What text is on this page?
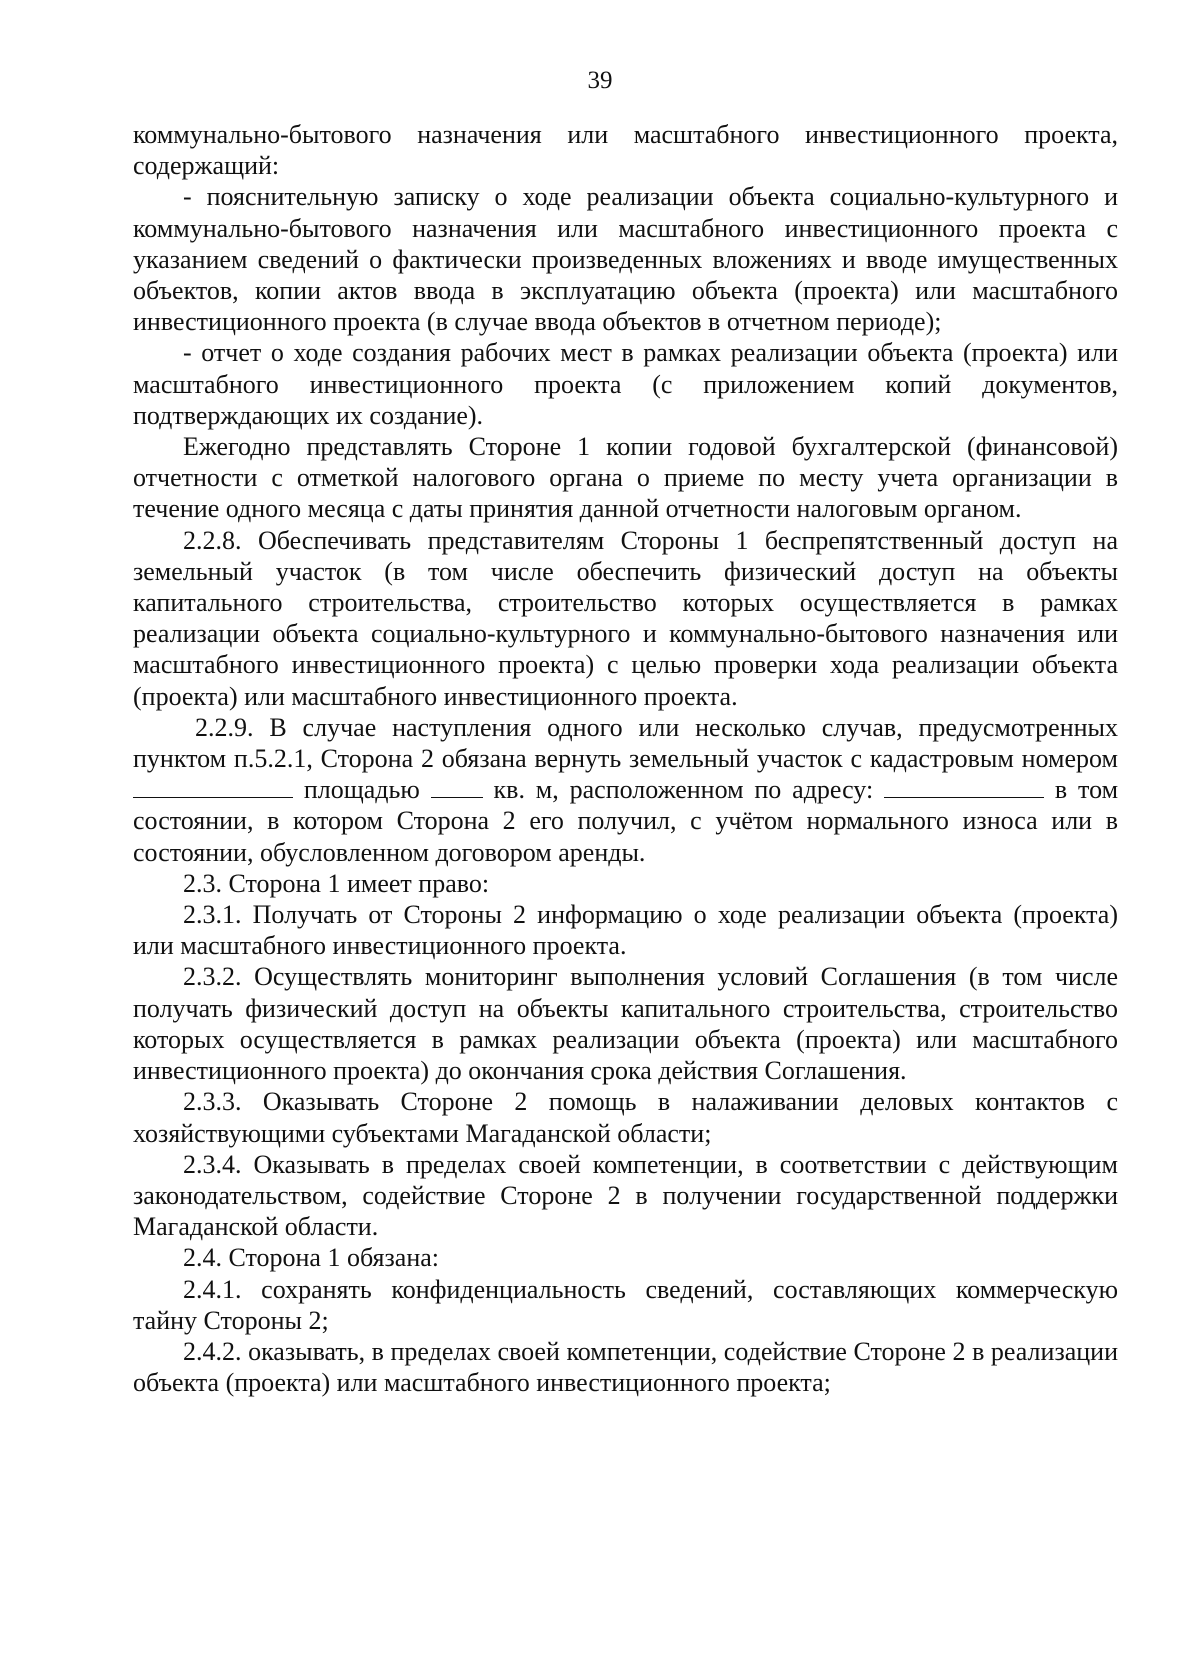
39

коммунально-бытового назначения или масштабного инвестиционного проекта, содержащий:

- пояснительную записку о ходе реализации объекта социально-культурного и коммунально-бытового назначения или масштабного инвестиционного проекта с указанием сведений о фактически произведенных вложениях и вводе имущественных объектов, копии актов ввода в эксплуатацию объекта (проекта) или масштабного инвестиционного проекта (в случае ввода объектов в отчетном периоде);

- отчет о ходе создания рабочих мест в рамках реализации объекта (проекта) или масштабного инвестиционного проекта (с приложением копий документов, подтверждающих их создание).

Ежегодно представлять Стороне 1 копии годовой бухгалтерской (финансовой) отчетности с отметкой налогового органа о приеме по месту учета организации в течение одного месяца с даты принятия данной отчетности налоговым органом.

2.2.8. Обеспечивать представителям Стороны 1 беспрепятственный доступ на земельный участок (в том числе обеспечить физический доступ на объекты капитального строительства, строительство которых осуществляется в рамках реализации объекта социально-культурного и коммунально-бытового назначения или масштабного инвестиционного проекта) с целью проверки хода реализации объекта (проекта) или масштабного инвестиционного проекта.

2.2.9. В случае наступления одного или несколько случав, предусмотренных пунктом п.5.2.1, Сторона 2 обязана вернуть земельный участок с кадастровым номером  площадью	кв. м, расположенном по адресу:	в том состоянии, в котором Сторона 2 его получил, с учётом нормального износа или в состоянии, обусловленном договором аренды.

2.3. Сторона 1 имеет право:

2.3.1. Получать от Стороны 2 информацию о ходе реализации объекта (проекта) или масштабного инвестиционного проекта.

2.3.2. Осуществлять мониторинг выполнения условий Соглашения (в том числе получать физический доступ на объекты капитального строительства, строительство которых осуществляется в рамках реализации объекта (проекта) или масштабного инвестиционного проекта) до окончания срока действия Соглашения.

2.3.3. Оказывать Стороне 2 помощь в налаживании деловых контактов с хозяйствующими субъектами Магаданской области;

2.3.4. Оказывать в пределах своей компетенции, в соответствии с действующим законодательством, содействие Стороне 2 в получении государственной поддержки Магаданской области.

2.4. Сторона 1 обязана:

2.4.1. сохранять конфиденциальность сведений, составляющих коммерческую тайну Стороны 2;

2.4.2. оказывать, в пределах своей компетенции, содействие Стороне 2 в реализации объекта (проекта) или масштабного инвестиционного проекта;
